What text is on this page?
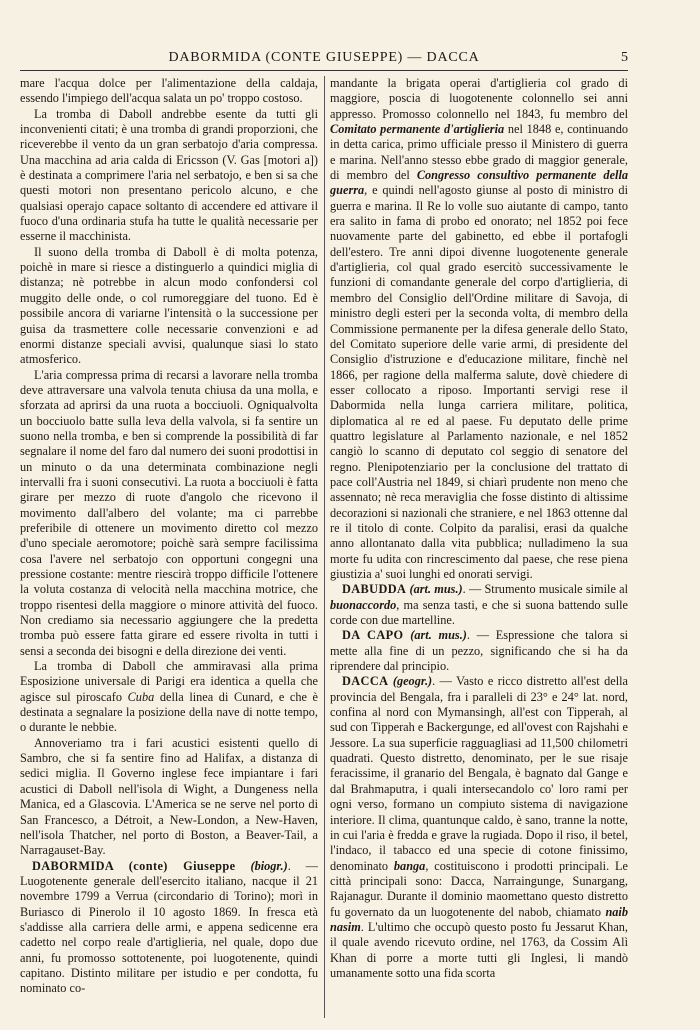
DABORMIDA (CONTE GIUSEPPE) — DACCA	5

mare l'acqua dolce per l'alimentazione della caldaja, essendo l'impiego dell'acqua salata un po' troppo costoso.

La tromba di Daboll andrebbe esente da tutti gli inconvenienti citati; è una tromba di grandi proporzioni, che riceverebbe il vento da un gran serbatojo d'aria compressa. Una macchina ad aria calda di Ericsson (V. Gas [motori a]) è destinata a comprimere l'aria nel serbatojo, e ben si sa che questi motori non presentano pericolo alcuno, e che qualsiasi operajo capace soltanto di accendere ed attivare il fuoco d'una ordinaria stufa ha tutte le qualità necessarie per esserne il macchinista.

Il suono della tromba di Daboll è di molta potenza, poichè in mare si riesce a distinguerlo a quindici miglia di distanza; nè potrebbe in alcun modo confondersi col muggito delle onde, o col rumoreggiare del tuono. Ed è possibile ancora di variarne l'intensità o la successione per guisa da trasmettere colle necessarie convenzioni e ad enormi distanze speciali avvisi, qualunque siasi lo stato atmosferico.

L'aria compressa prima di recarsi a lavorare nella tromba deve attraversare una valvola tenuta chiusa da una molla, e sforzata ad aprirsi da una ruota a bocciuoli. Ogniqualvolta un bocciuolo batte sulla leva della valvola, si fa sentire un suono nella tromba, e ben si comprende la possibilità di far segnalare il nome del faro dal numero dei suoni prodottisi in un minuto o da una determinata combinazione negli intervalli fra i suoni consecutivi. La ruota a bocciuoli è fatta girare per mezzo di ruote d'angolo che ricevono il movimento dall'albero del volante; ma ci parrebbe preferibile di ottenere un movimento diretto col mezzo d'uno speciale aeromotore; poichè sarà sempre facilissima cosa l'avere nel serbatojo con opportuni congegni una pressione costante: mentre riescirà troppo difficile l'ottenere la voluta costanza di velocità nella macchina motrice, che troppo risentesi della maggiore o minore attività del fuoco. Non crediamo sia necessario aggiungere che la predetta tromba può essere fatta girare ed essere rivolta in tutti i sensi a seconda dei bisogni e della direzione dei venti.

La tromba di Daboll che ammiravasi alla prima Esposizione universale di Parigi era identica a quella che agisce sul piroscafo Cuba della linea di Cunard, e che è destinata a segnalare la posizione della nave di notte tempo, o durante le nebbie.

Annoveriamo tra i fari acustici esistenti quello di Sambro, che si fa sentire fino ad Halifax, a distanza di sedici miglia. Il Governo inglese fece impiantare i fari acustici di Daboll nell'isola di Wight, a Dungeness nella Manica, ed a Glascovia. L'America se ne serve nel porto di San Francesco, a Détroit, a New-London, a New-Haven, nell'isola Thatcher, nel porto di Boston, a Beaver-Tail, a Narragauset-Bay.

DABORMIDA (conte) Giuseppe (biogr.). — Luogotenente generale dell'esercito italiano, nacque il 21 novembre 1799 a Verrua (circondario di Torino); morì in Buriasco di Pinerolo il 10 agosto 1869. In fresca età s'addisse alla carriera delle armi, e appena sedicenne era cadetto nel corpo reale d'artiglieria, nel quale, dopo due anni, fu promosso sottotenente, poi luogotenente, quindi capitano. Distinto militare per istudio e per condotta, fu nominato co-

mandante la brigata operai d'artiglieria col grado di maggiore, poscia di luogotenente colonnello sei anni appresso. Promosso colonnello nel 1843, fu membro del Comitato permanente d'artiglieria nel 1848 e, continuando in detta carica, primo ufficiale presso il Ministero di guerra e marina. Nell'anno stesso ebbe grado di maggior generale, di membro del Congresso consultivo permanente della guerra, e quindi nell'agosto giunse al posto di ministro di guerra e marina. Il Re lo volle suo aiutante di campo, tanto era salito in fama di probo ed onorato; nel 1852 poi fece nuovamente parte del gabinetto, ed ebbe il portafogli dell'estero. Tre anni dipoi divenne luogotenente generale d'artiglieria, col qual grado esercitò successivamente le funzioni di comandante generale del corpo d'artiglieria, di membro del Consiglio dell'Ordine militare di Savoja, di ministro degli esteri per la seconda volta, di membro della Commissione permanente per la difesa generale dello Stato, del Comitato superiore delle varie armi, di presidente del Consiglio d'istruzione e d'educazione militare, finchè nel 1866, per ragione della malferma salute, dovè chiedere di esser collocato a riposo. Importanti servigi rese il Dabormida nella lunga carriera militare, politica, diplomatica al re ed al paese. Fu deputato delle prime quattro legislature al Parlamento nazionale, e nel 1852 cangiò lo scanno di deputato col seggio di senatore del regno. Plenipotenziario per la conclusione del trattato di pace coll'Austria nel 1849, si chiarì prudente non meno che assennato; nè reca meraviglia che fosse distinto di altissime decorazioni si nazionali che straniere, e nel 1863 ottenne dal re il titolo di conte. Colpito da paralisi, erasi da qualche anno allontanato dalla vita pubblica; nulladimeno la sua morte fu udita con rincrescimento dal paese, che rese piena giustizia a' suoi lunghi ed onorati servigi.

DABUDDA (art. mus.). — Strumento musicale simile al buonaccordo, ma senza tasti, e che si suona battendo sulle corde con due martelline.

DA CAPO (art. mus.). — Espressione che talora si mette alla fine di un pezzo, significando che si ha da riprendere dal principio.

DACCA (geogr.). — Vasto e ricco distretto all'est della provincia del Bengala, fra i paralleli di 23° e 24° lat. nord, confina al nord con Mymansingh, all'est con Tipperah, al sud con Tipperah e Backergunge, ed all'ovest con Rajshahi e Jessore. La sua superficie ragguagliasi ad 11,500 chilometri quadrati. Questo distretto, denominato, per le sue risaje feracissime, il granario del Bengala, è bagnato dal Gange e dal Brahmaputra, i quali intersecandolo co' loro rami per ogni verso, formano un compiuto sistema di navigazione interiore. Il clima, quantunque caldo, è sano, tranne la notte, in cui l'aria è fredda e grave la rugiada. Dopo il riso, il betel, l'indaco, il tabacco ed una specie di cotone finissimo, denominato banga, costituiscono i prodotti principali. Le città principali sono: Dacca, Narraingunge, Sunargang, Rajanagur. Durante il dominio maomettano questo distretto fu governato da un luogotenente del nabob, chiamato naib nasim. L'ultimo che occupò questo posto fu Jessarut Khan, il quale avendo ricevuto ordine, nel 1763, da Cossim Alì Khan di porre a morte tutti gli Inglesi, li mandò umanamente sotto una fida scorta
